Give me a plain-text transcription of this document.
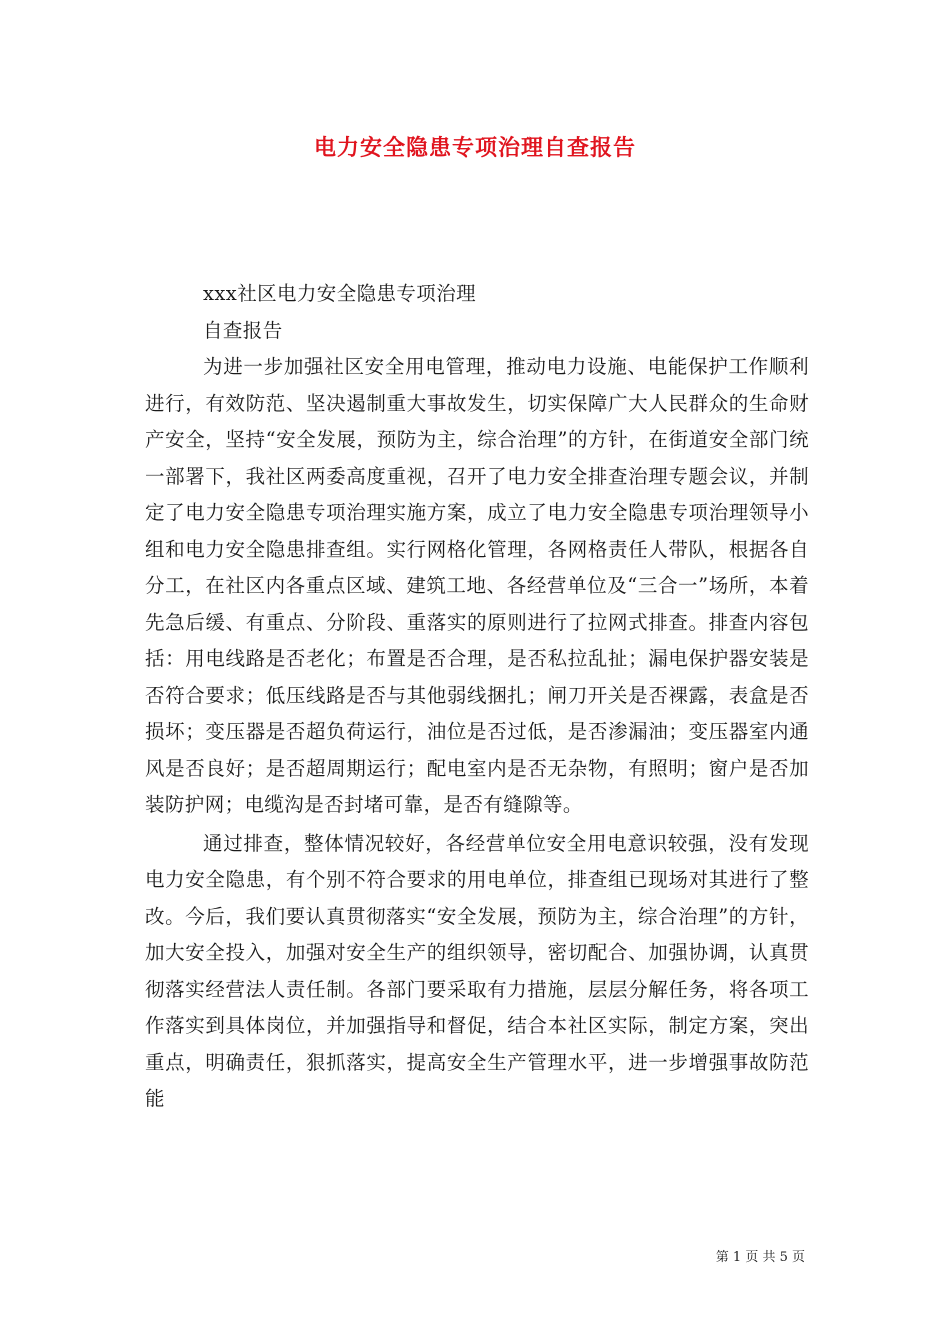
电力安全隐患专项治理自查报告

xxx社区电力安全隐患专项治理

自查报告

为进一步加强社区安全用电管理，推动电力设施、电能保护工作顺利进行，有效防范、坚决遏制重大事故发生，切实保障广大人民群众的生命财产安全，坚持“安全发展，预防为主，综合治理”的方针，在街道安全部门统一部署下，我社区两委高度重视，召开了电力安全排查治理专题会议，并制定了电力安全隐患专项治理实施方案，成立了电力安全隐患专项治理领导小组和电力安全隐患排查组。实行网格化管理，各网格责任人带队，根据各自分工，在社区内各重点区域、建筑工地、各经营单位及“三合一”场所，本着先急后缓、有重点、分阶段、重落实的原则进行了拉网式排查。排查内容包括：用电线路是否老化；布置是否合理，是否私拉乱扯；漏电保护器安装是否符合要求；低压线路是否与其他弱线捆扎；闸刀开关是否裸露，表盒是否损坏；变压器是否超负荷运行，油位是否过低，是否渗漏油；变压器室内通风是否良好；是否超周期运行；配电室内是否无杂物，有照明；窗户是否加装防护网；电缆沟是否封堵可靠，是否有缝隙等。

通过排查，整体情况较好，各经营单位安全用电意识较强，没有发现电力安全隐患，有个别不符合要求的用电单位，排查组已现场对其进行了整改。今后，我们要认真贯彻落实“安全发展，预防为主，综合治理”的方针，加大安全投入，加强对安全生产的组织领导，密切配合、加强协调，认真贯彻落实经营法人责任制。各部门要采取有力措施，层层分解任务，将各项工作落实到具体岗位，并加强指导和督促，结合本社区实际，制定方案，突出重点，明确责任，狠抓落实，提高安全生产管理水平，进一步增强事故防范能

第 1 页 共 5 页
